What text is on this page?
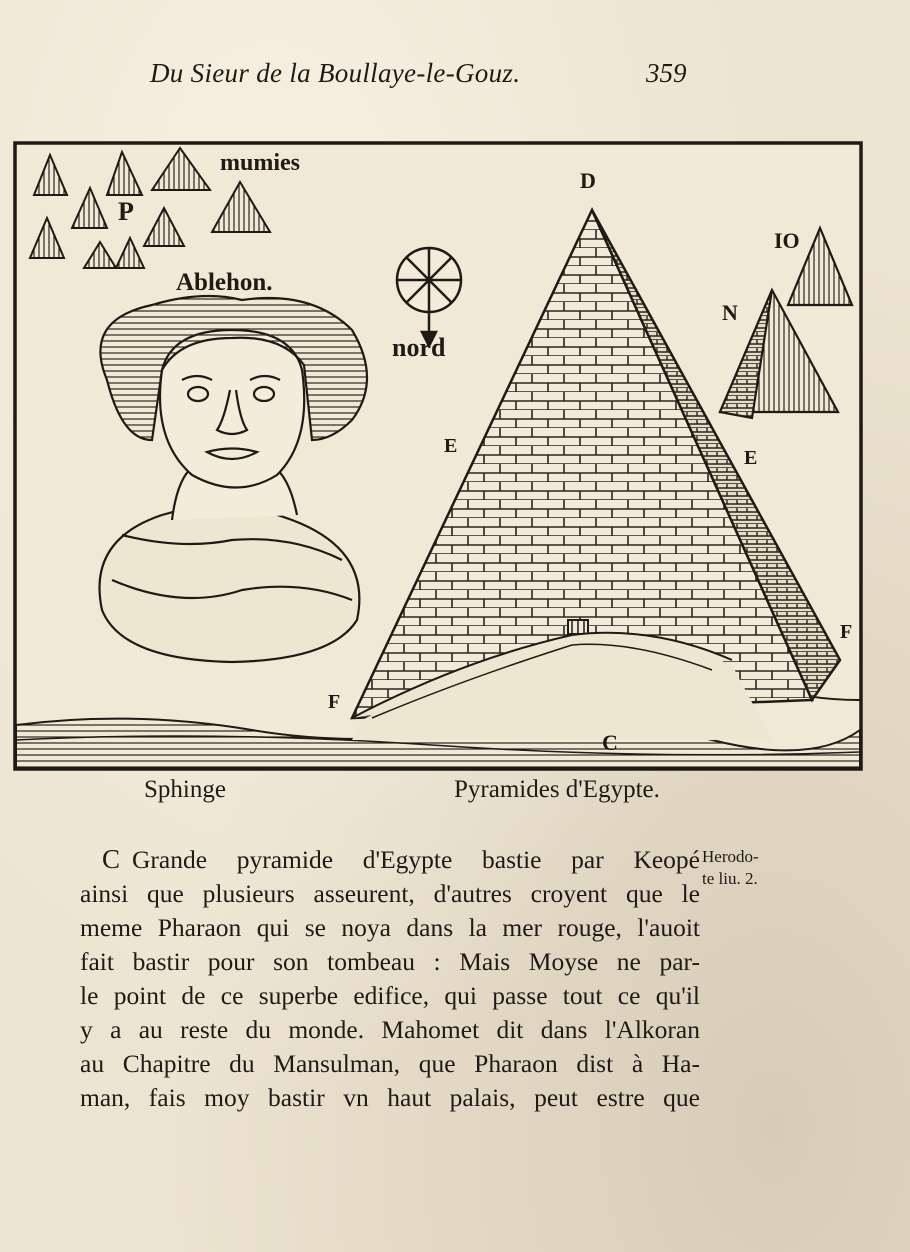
Du Sieur de la Boullaye-le-Gouz.	359
mumies
P
Ablehon.
nord
D
IO
N
E
E
F
F
C
Sphinge	Pyramides d'Egypte.
C Grande pyramide d'Egypte bastie par Keopé
ainsi que plusieurs asseurent, d'autres croyent que le
meme Pharaon qui se noya dans la mer rouge, l'auoit
fait bastir pour son tombeau : Mais Moyse ne par-
le point de ce superbe edifice, qui passe tout ce qu'il
y a au reste du monde. Mahomet dit dans l'Alkoran
au Chapitre du Mansulman, que Pharaon dist à Ha-
man, fais moy bastir vn haut palais, peut estre que
Herodo-
te liu. 2.
